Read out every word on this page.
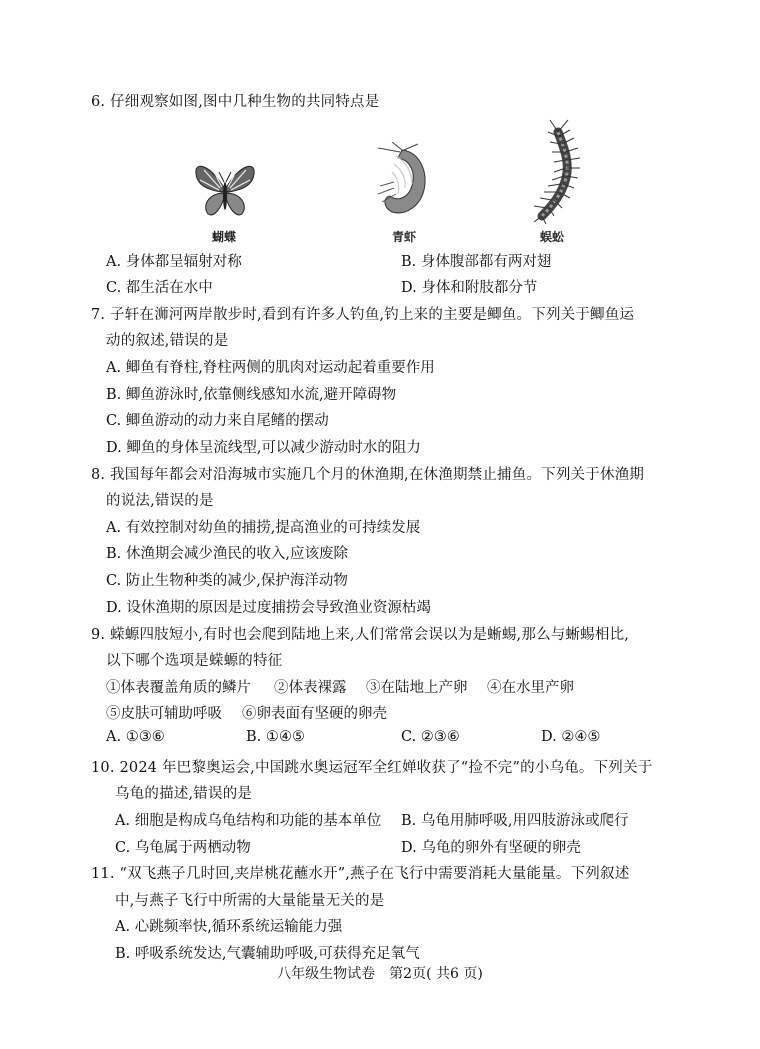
6. 仔细观察如图,图中几种生物的共同特点是
蝴蝶	青虾	蜈蚣
A. 身体都呈辐射对称	B. 身体腹部都有两对翅
C. 都生活在水中	D. 身体和附肢都分节
7. 子轩在浉河两岸散步时,看到有许多人钓鱼,钓上来的主要是鲫鱼。下列关于鲫鱼运
动的叙述,错误的是
A. 鲫鱼有脊柱,脊柱两侧的肌肉对运动起着重要作用
B. 鲫鱼游泳时,依靠侧线感知水流,避开障碍物
C. 鲫鱼游动的动力来自尾鳍的摆动
D. 鲫鱼的身体呈流线型,可以减少游动时水的阻力
8. 我国每年都会对沿海城市实施几个月的休渔期,在休渔期禁止捕鱼。下列关于休渔期
的说法,错误的是
A. 有效控制对幼鱼的捕捞,提高渔业的可持续发展
B. 休渔期会减少渔民的收入,应该废除
C. 防止生物种类的减少,保护海洋动物
D. 设休渔期的原因是过度捕捞会导致渔业资源枯竭
9. 蝾螈四肢短小,有时也会爬到陆地上来,人们常常会误以为是蜥蜴,那么与蜥蜴相比,
以下哪个选项是蝾螈的特征
①体表覆盖角质的鳞片 ②体表裸露 ③在陆地上产卵 ④在水里产卵
⑤皮肤可辅助呼吸 ⑥卵表面有坚硬的卵壳
A. ①③⑥	B. ①④⑤	C. ②③⑥	D. ②④⑤
10. 2024 年巴黎奥运会,中国跳水奥运冠军全红婵收获了“捡不完”的小乌龟。下列关于
乌龟的描述,错误的是
A. 细胞是构成乌龟结构和功能的基本单位 B. 乌龟用肺呼吸,用四肢游泳或爬行
C. 乌龟属于两栖动物	D. 乌龟的卵外有坚硬的卵壳
11. “双飞燕子几时回,夹岸桃花蘸水开”,燕子在飞行中需要消耗大量能量。下列叙述
中,与燕子飞行中所需的大量能量无关的是
A. 心跳频率快,循环系统运输能力强
B. 呼吸系统发达,气囊辅助呼吸,可获得充足氧气
八年级生物试卷　第2页( 共6 页)
